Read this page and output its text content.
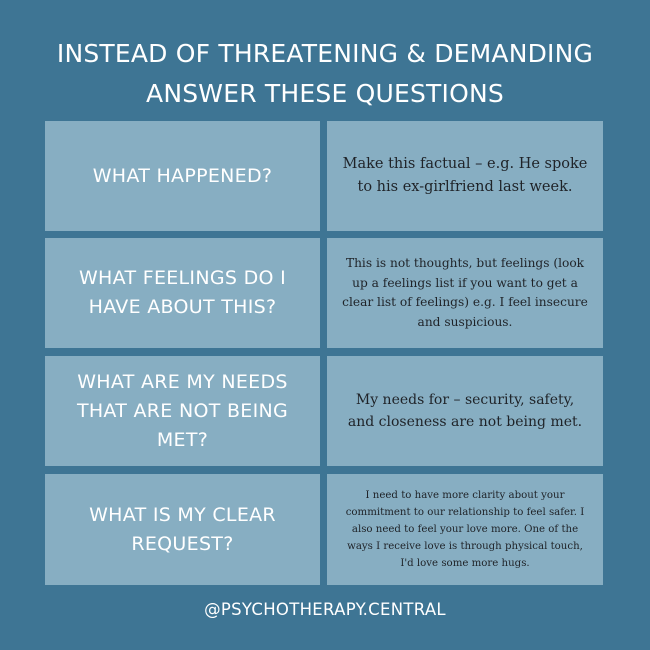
INSTEAD OF THREATENING & DEMANDING
ANSWER THESE QUESTIONS
WHAT HAPPENED?
Make this factual – e.g. He spoke to his ex-girlfriend last week.
WHAT FEELINGS DO I HAVE ABOUT THIS?
This is not thoughts, but feelings (look up a feelings list if you want to get a clear list of feelings) e.g. I feel insecure and suspicious.
WHAT ARE MY NEEDS THAT ARE NOT BEING MET?
My needs for – security, safety, and closeness are not being met.
WHAT IS MY CLEAR REQUEST?
I need to have more clarity about your commitment to our relationship to feel safer. I also need to feel your love more. One of the ways I receive love is through physical touch, I'd love some more hugs.
@PSYCHOTHERAPY.CENTRAL
